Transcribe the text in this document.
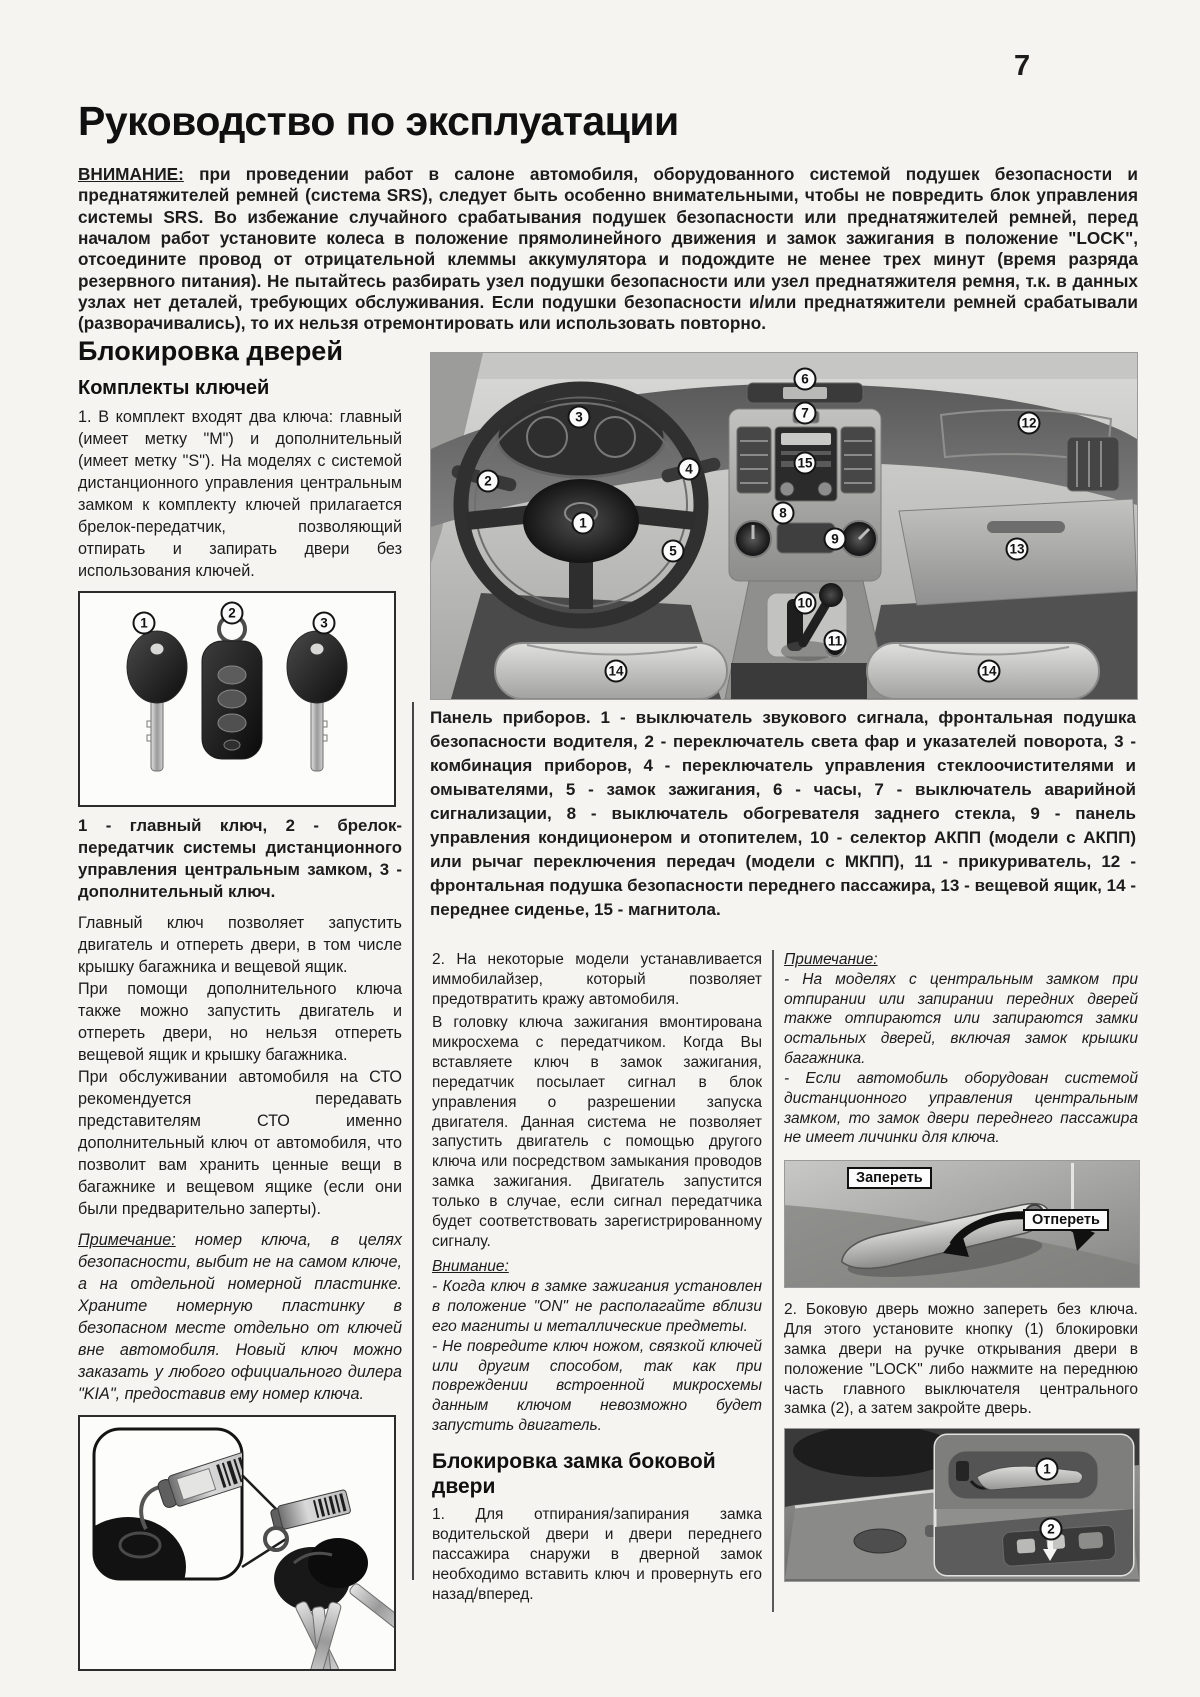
7
Руководство по эксплуатации
ВНИМАНИЕ: при проведении работ в салоне автомобиля, оборудованного системой подушек безопасности и преднатяжителей ремней (система SRS), следует быть особенно внимательными, чтобы не повредить блок управления системы SRS. Во избежание случайного срабатывания подушек безопасности или преднатяжителей ремней, перед началом работ установите колеса в положение прямолинейного движения и замок зажигания в положение "LOCK", отсоедините провод от отрицательной клеммы аккумулятора и подождите не менее трех минут (время разряда резервного питания). Не пытайтесь разбирать узел подушки безопасности или узел преднатяжителя ремня, т.к. в данных узлах нет деталей, требующих обслуживания. Если подушки безопасности и/или преднатяжители ремней срабатывали (разворачивались), то их нельзя отремонтировать или использовать повторно.
Блокировка дверей
Комплекты ключей

1. В комплект входят два ключа: главный (имеет метку "M") и дополнительный (имеет метку "S"). На моделях с системой дистанционного управления центральным замком к комплекту ключей прилагается брелок-передатчик, позволяющий отпирать и запирать двери без использования ключей.

1
2
3

1 - главный ключ, 2 - брелок-передатчик системы дистанционного управления центральным замком, 3 - дополнительный ключ.

Главный ключ позволяет запустить двигатель и отпереть двери, в том числе крышку багажника и вещевой ящик.

При помощи дополнительного ключа также можно запустить двигатель и отпереть двери, но нельзя отпереть вещевой ящик и крышку багажника.

При обслуживании автомобиля на СТО рекомендуется передавать представителям СТО именно дополнительный ключ от автомобиля, что позволит вам хранить ценные вещи в багажнике и вещевом ящике (если они были предварительно заперты).

Примечание: номер ключа, в целях безопасности, выбит не на самом ключе, а на отдельной номерной пластинке. Храните номерную пластинку в безопасном месте отдельно от ключей вне автомобиля. Новый ключ можно заказать у любого официального дилера "KIA", предоставив ему номер ключа.

1
2
3
4
5
6
7
8
9
10
11
12
13
14	14
15
Панель приборов. 1 - выключатель звукового сигнала, фронтальная подушка безопасности водителя, 2 - переключатель света фар и указателей поворота, 3 - комбинация приборов, 4 - переключатель управления стеклоочистителями и омывателями, 5 - замок зажигания, 6 - часы, 7 - выключатель аварийной сигнализации, 8 - выключатель обогревателя заднего стекла, 9 - панель управления кондиционером и отопителем, 10 - селектор АКПП (модели с АКПП) или рычаг переключения передач (модели с МКПП), 11 - прикуриватель, 12 - фронтальная подушка безопасности переднего пассажира, 13 - вещевой ящик, 14 - переднее сиденье, 15 - магнитола.

2. На некоторые модели устанавливается иммобилайзер, который позволяет предотвратить кражу автомобиля.

В головку ключа зажигания вмонтирована микросхема с передатчиком. Когда Вы вставляете ключ в замок зажигания, передатчик посылает сигнал в блок управления о разрешении запуска двигателя. Данная система не позволяет запустить двигатель с помощью другого ключа или посредством замыкания проводов замка зажигания. Двигатель запустится только в случае, если сигнал передатчика будет соответствовать зарегистрированному сигналу.

Внимание:

- Когда ключ в замке зажигания установлен в положение "ON" не располагайте вблизи его магниты и металлические предметы.

- Не повредите ключ ножом, связкой ключей или другим способом, так как при повреждении встроенной микросхемы данным ключом невозможно будет запустить двигатель.

Блокировка замка боковой двери

1. Для отпирания/запирания замка водительской двери и двери переднего пассажира снаружи в дверной замок необходимо вставить ключ и провернуть его назад/вперед.

Примечание:

- На моделях с центральным замком при отпирании или запирании передних дверей также отпираются или запираются замки остальных дверей, включая замок крышки багажника.

- Если автомобиль оборудован системой дистанционного управления центральным замком, то замок двери переднего пассажира не имеет личинки для ключа.

Запереть
Отпереть

2. Боковую дверь можно запереть без ключа. Для этого установите кнопку (1) блокировки замка двери на ручке открывания двери в положение "LOCK" либо нажмите на переднюю часть главного выключателя центрального замка (2), а затем закройте дверь.

1
2
